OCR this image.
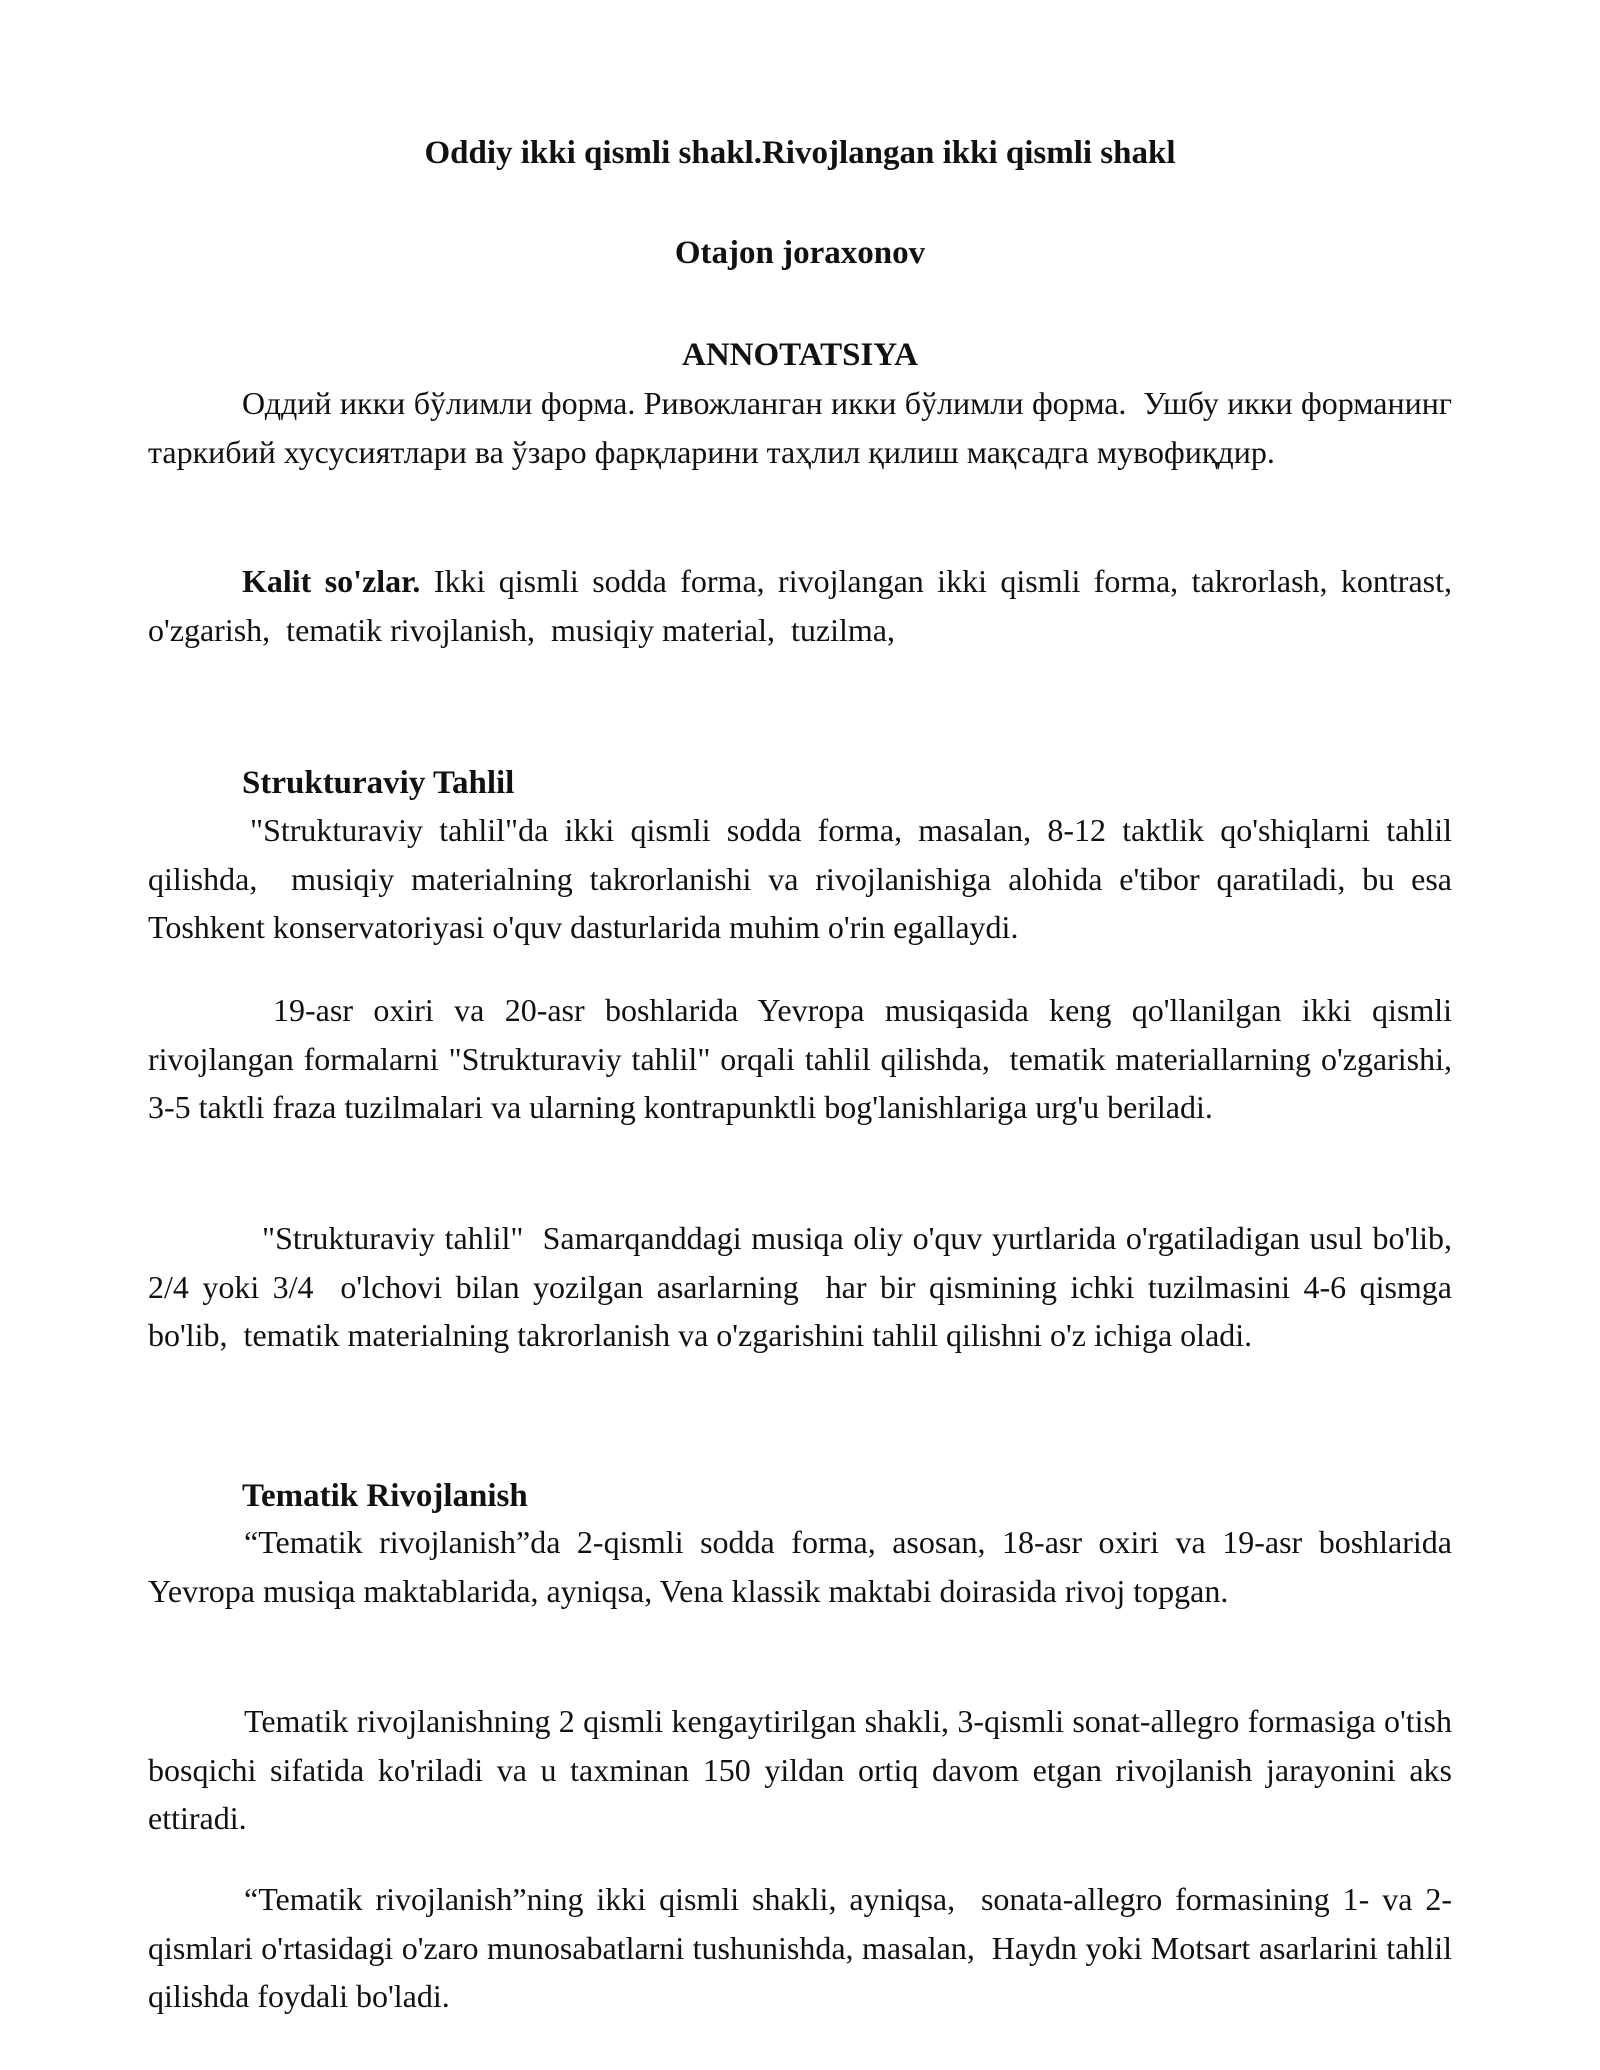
Oddiy ikki qismli shakl.Rivojlangan ikki qismli shakl
Otajon joraxonov
ANNOTATSIYA

Оддий икки бўлимли форма. Ривожланган икки бўлимли форма.  Ушбу икки форманинг таркибий хусусиятлари ва ўзаро фарқларини таҳлил қилиш мақсадга мувофиқдир.

Kalit so'zlar. Ikki qismli sodda forma, rivojlangan ikki qismli forma, takrorlash, kontrast,  o'zgarish,  tematik rivojlanish,  musiqiy material,  tuzilma,

Strukturaviy Tahlil

"Strukturaviy tahlil"da ikki qismli sodda forma, masalan, 8-12 taktlik qo'shiqlarni tahlil qilishda,  musiqiy materialning takrorlanishi va rivojlanishiga alohida e'tibor qaratiladi, bu esa Toshkent konservatoriyasi o'quv dasturlarida muhim o'rin egallaydi.

19-asr oxiri va 20-asr boshlarida Yevropa musiqasida keng qo'llanilgan ikki qismli rivojlangan formalarni "Strukturaviy tahlil" orqali tahlil qilishda,  tematik materiallarning o'zgarishi, 3-5 taktli fraza tuzilmalari va ularning kontrapunktli bog'lanishlariga urg'u beriladi.

"Strukturaviy tahlil"  Samarqanddagi musiqa oliy o'quv yurtlarida o'rgatiladigan usul bo'lib, 2/4 yoki 3/4  o'lchovi bilan yozilgan asarlarning  har bir qismining ichki tuzilmasini 4-6 qismga bo'lib,  tematik materialning takrorlanish va o'zgarishini tahlil qilishni o'z ichiga oladi.

Tematik Rivojlanish

“Tematik rivojlanish”da 2-qismli sodda forma, asosan, 18-asr oxiri va 19-asr boshlarida Yevropa musiqa maktablarida, ayniqsa, Vena klassik maktabi doirasida rivoj topgan.

Tematik rivojlanishning 2 qismli kengaytirilgan shakli, 3-qismli sonat-allegro formasiga o'tish bosqichi sifatida ko'riladi va u taxminan 150 yildan ortiq davom etgan rivojlanish jarayonini aks ettiradi.

“Tematik rivojlanish”ning ikki qismli shakli, ayniqsa,  sonata-allegro formasining 1- va 2- qismlari o'rtasidagi o'zaro munosabatlarni tushunishda, masalan,  Haydn yoki Motsart asarlarini tahlil qilishda foydali bo'ladi.
